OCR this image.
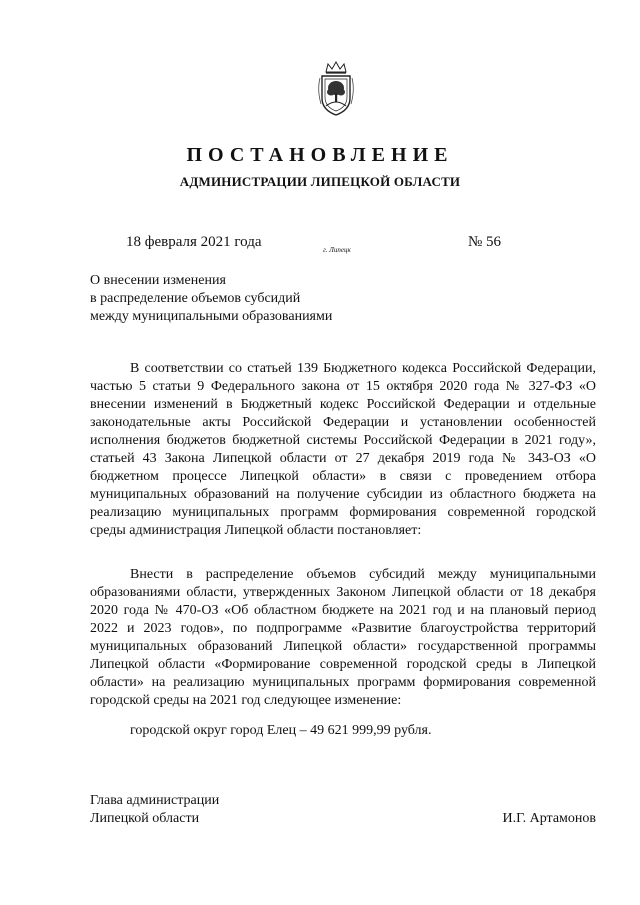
ПОСТАНОВЛЕНИЕ
АДМИНИСТРАЦИИ ЛИПЕЦКОЙ ОБЛАСТИ
18 февраля 2021 года	г. Липецк	№ 56
О внесении изменения
в распределение объемов субсидий
между муниципальными образованиями
В соответствии со статьей 139 Бюджетного кодекса Российской Федерации, частью 5 статьи 9 Федерального закона от 15 октября 2020 года № 327-ФЗ «О внесении изменений в Бюджетный кодекс Российской Федерации и отдельные законодательные акты Российской Федерации и установлении особенностей исполнения бюджетов бюджетной системы Российской Федерации в 2021 году», статьей 43 Закона Липецкой области от 27 декабря 2019 года № 343-ОЗ «О бюджетном процессе Липецкой области» в связи с проведением отбора муниципальных образований на получение субсидии из областного бюджета на реализацию муниципальных программ формирования современной городской среды администрация Липецкой области постановляет:
Внести в распределение объемов субсидий между муниципальными образованиями области, утвержденных Законом Липецкой области от 18 декабря 2020 года № 470-ОЗ «Об областном бюджете на 2021 год и на плановый период 2022 и 2023 годов», по подпрограмме «Развитие благоустройства территорий муниципальных образований Липецкой области» государственной программы Липецкой области «Формирование современной городской среды в Липецкой области» на реализацию муниципальных программ формирования современной городской среды на 2021 год следующее изменение:
городской округ город Елец – 49 621 999,99 рубля.
Глава администрации
Липецкой области	И.Г. Артамонов
